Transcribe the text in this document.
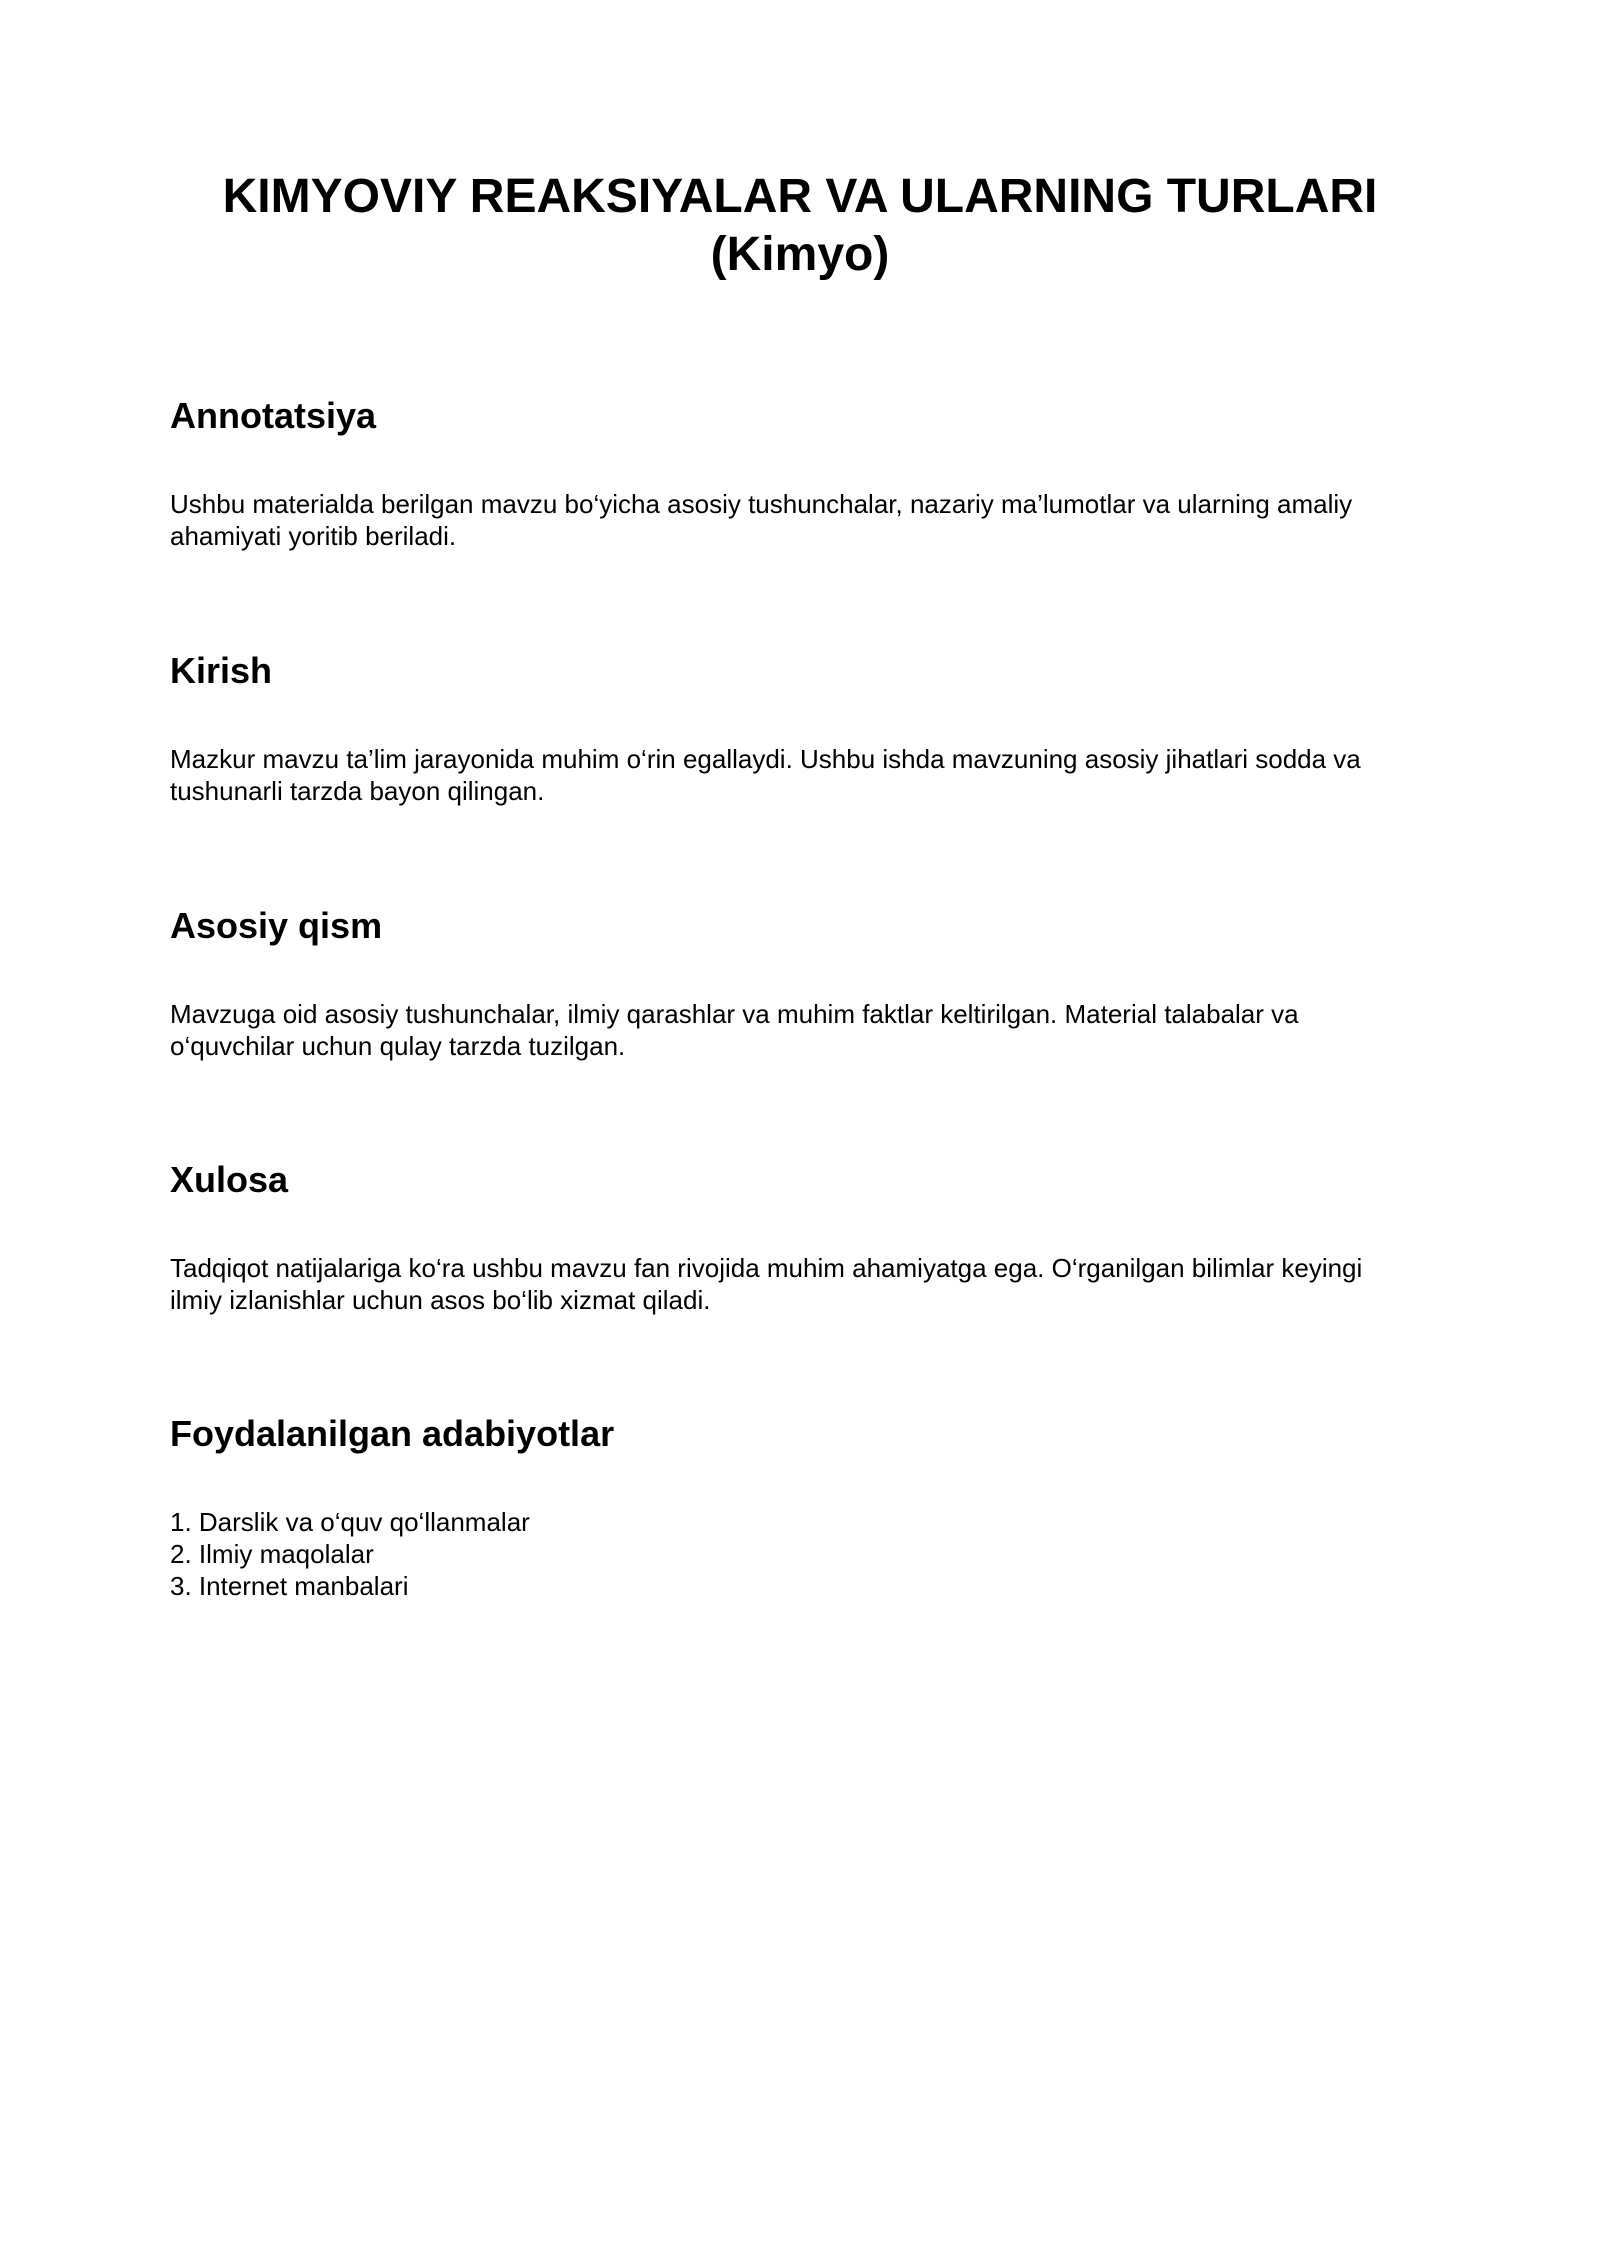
KIMYOVIY REAKSIYALAR VA ULARNING TURLARI
(Kimyo)
Annotatsiya
Ushbu materialda berilgan mavzu bo‘yicha asosiy tushunchalar, nazariy ma’lumotlar va ularning amaliy
ahamiyati yoritib beriladi.
Kirish
Mazkur mavzu ta’lim jarayonida muhim o‘rin egallaydi. Ushbu ishda mavzuning asosiy jihatlari sodda va
tushunarli tarzda bayon qilingan.
Asosiy qism
Mavzuga oid asosiy tushunchalar, ilmiy qarashlar va muhim faktlar keltirilgan. Material talabalar va
o‘quvchilar uchun qulay tarzda tuzilgan.
Xulosa
Tadqiqot natijalariga ko‘ra ushbu mavzu fan rivojida muhim ahamiyatga ega. O‘rganilgan bilimlar keyingi
ilmiy izlanishlar uchun asos bo‘lib xizmat qiladi.
Foydalanilgan adabiyotlar
1. Darslik va o‘quv qo‘llanmalar
2. Ilmiy maqolalar
3. Internet manbalari
